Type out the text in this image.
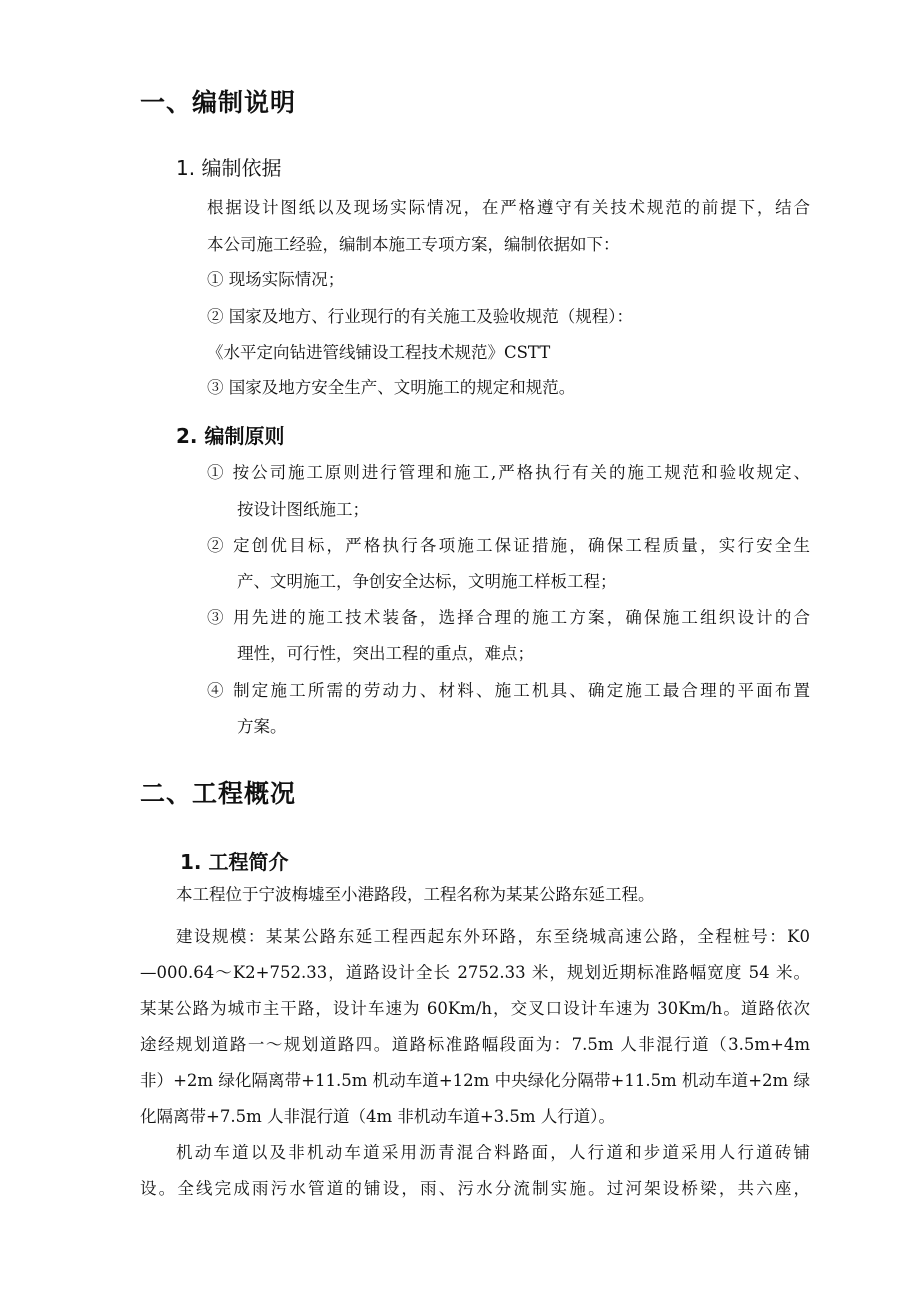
一、编制说明
1. 编制依据
根据设计图纸以及现场实际情况，在严格遵守有关技术规范的前提下，结合
本公司施工经验，编制本施工专项方案，编制依据如下：
① 现场实际情况；
② 国家及地方、行业现行的有关施工及验收规范（规程）：
《水平定向钻进管线铺设工程技术规范》CSTT
③ 国家及地方安全生产、文明施工的规定和规范。
2. 编制原则
① 按公司施工原则进行管理和施工,严格执行有关的施工规范和验收规定、
按设计图纸施工；
② 定创优目标，严格执行各项施工保证措施，确保工程质量，实行安全生
产、文明施工，争创安全达标，文明施工样板工程；
③ 用先进的施工技术装备，选择合理的施工方案，确保施工组织设计的合
理性，可行性，突出工程的重点，难点；
④ 制定施工所需的劳动力、材料、施工机具、确定施工最合理的平面布置
方案。
二、工程概况
1. 工程简介
本工程位于宁波梅墟至小港路段，工程名称为某某公路东延工程。
建设规模：某某公路东延工程西起东外环路，东至绕城高速公路，全程桩号：K0
—000.64～K2+752.33，道路设计全长 2752.33 米，规划近期标准路幅宽度 54 米。
某某公路为城市主干路，设计车速为 60Km/h，交叉口设计车速为 30Km/h。道路依次
途经规划道路一～规划道路四。道路标准路幅段面为：7.5m 人非混行道（3.5m+4m
非）+2m 绿化隔离带+11.5m 机动车道+12m 中央绿化分隔带+11.5m 机动车道+2m 绿
化隔离带+7.5m 人非混行道（4m 非机动车道+3.5m 人行道）。
机动车道以及非机动车道采用沥青混合料路面，人行道和步道采用人行道砖铺
设。全线完成雨污水管道的铺设，雨、污水分流制实施。过河架设桥梁，共六座，
